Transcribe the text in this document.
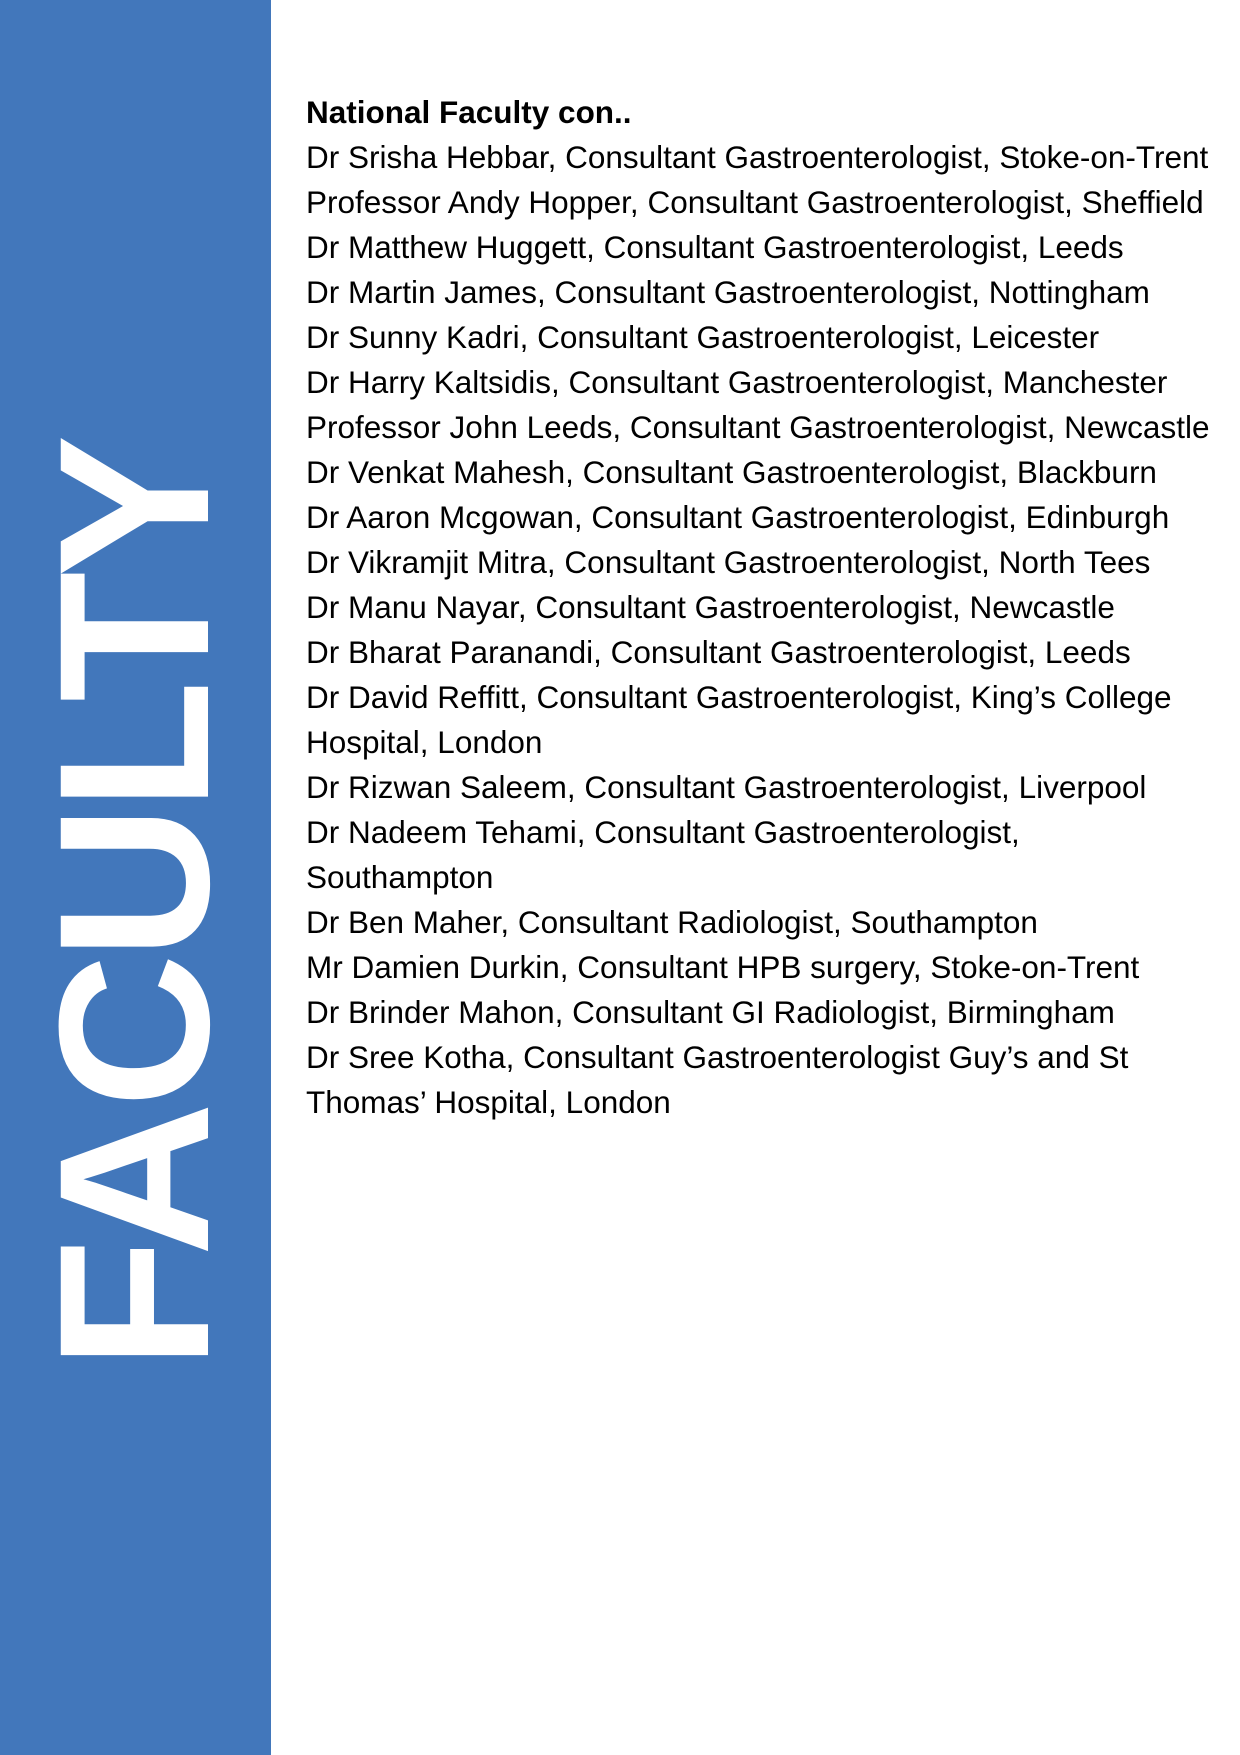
FACULTY

National Faculty con..

Dr Srisha Hebbar, Consultant Gastroenterologist, Stoke-on-Trent

Professor Andy Hopper, Consultant Gastroenterologist, Sheffield

Dr Matthew Huggett, Consultant Gastroenterologist, Leeds

Dr Martin James, Consultant Gastroenterologist, Nottingham

Dr Sunny Kadri, Consultant Gastroenterologist, Leicester

Dr Harry Kaltsidis, Consultant Gastroenterologist, Manchester

Professor John Leeds, Consultant Gastroenterologist, Newcastle

Dr Venkat Mahesh, Consultant Gastroenterologist, Blackburn

Dr Aaron Mcgowan, Consultant Gastroenterologist, Edinburgh

Dr Vikramjit Mitra, Consultant Gastroenterologist, North Tees

Dr Manu Nayar, Consultant Gastroenterologist, Newcastle

Dr Bharat Paranandi, Consultant Gastroenterologist, Leeds

Dr David Reffitt, Consultant Gastroenterologist, King’s College Hospital, London

Dr Rizwan Saleem, Consultant Gastroenterologist, Liverpool

Dr Nadeem Tehami, Consultant Gastroenterologist, Southampton

Dr Ben Maher, Consultant Radiologist, Southampton

Mr Damien Durkin, Consultant HPB surgery, Stoke-on-Trent

Dr Brinder Mahon, Consultant GI Radiologist, Birmingham

Dr Sree Kotha, Consultant Gastroenterologist Guy’s and St Thomas’ Hospital, London
